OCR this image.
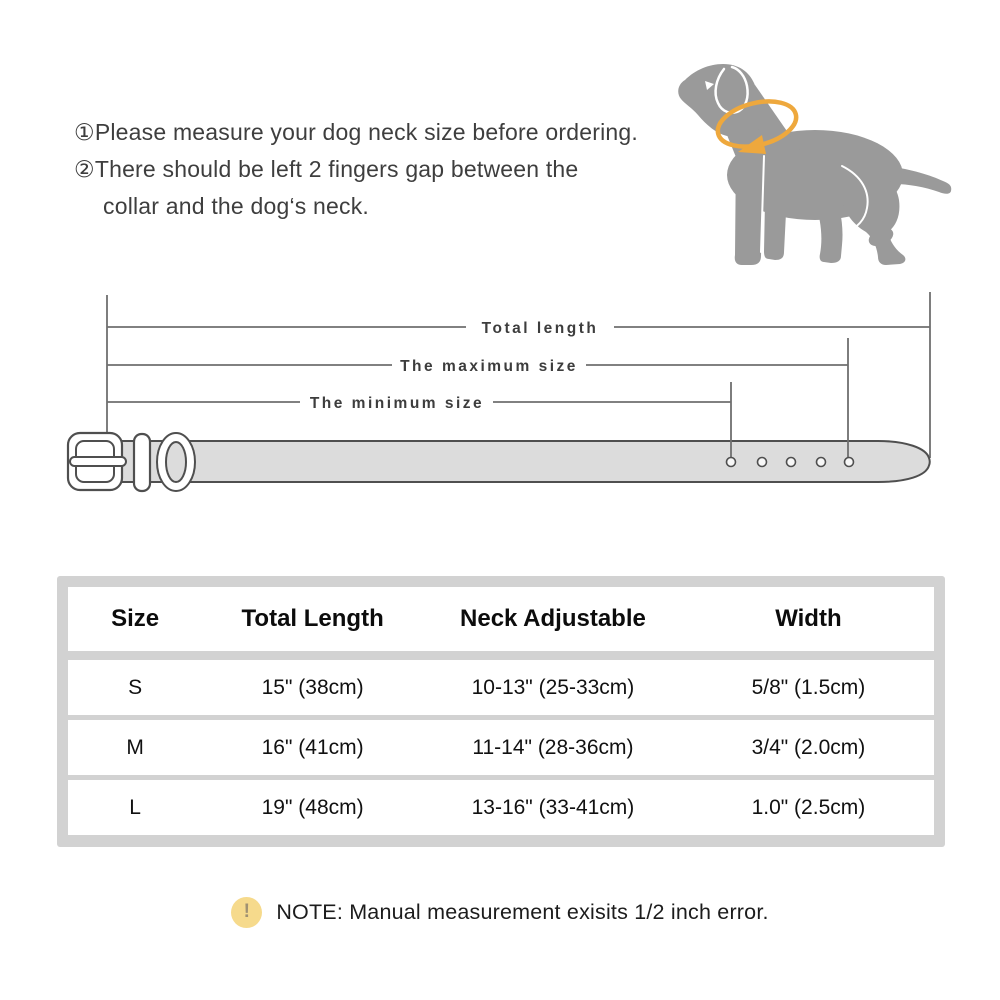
①Please measure your dog neck size before ordering.
②There should be left 2 fingers gap between the
collar and the dog‘s neck.
Total length
The maximum size
The minimum size
Size	Total Length	Neck Adjustable	Width
S	15" (38cm)	10-13" (25-33cm)	5/8" (1.5cm)
M	16" (41cm)	11-14" (28-36cm)	3/4" (2.0cm)
L	19" (48cm)	13-16" (33-41cm)	1.0" (2.5cm)
!	NOTE: Manual measurement exisits 1/2 inch error.
